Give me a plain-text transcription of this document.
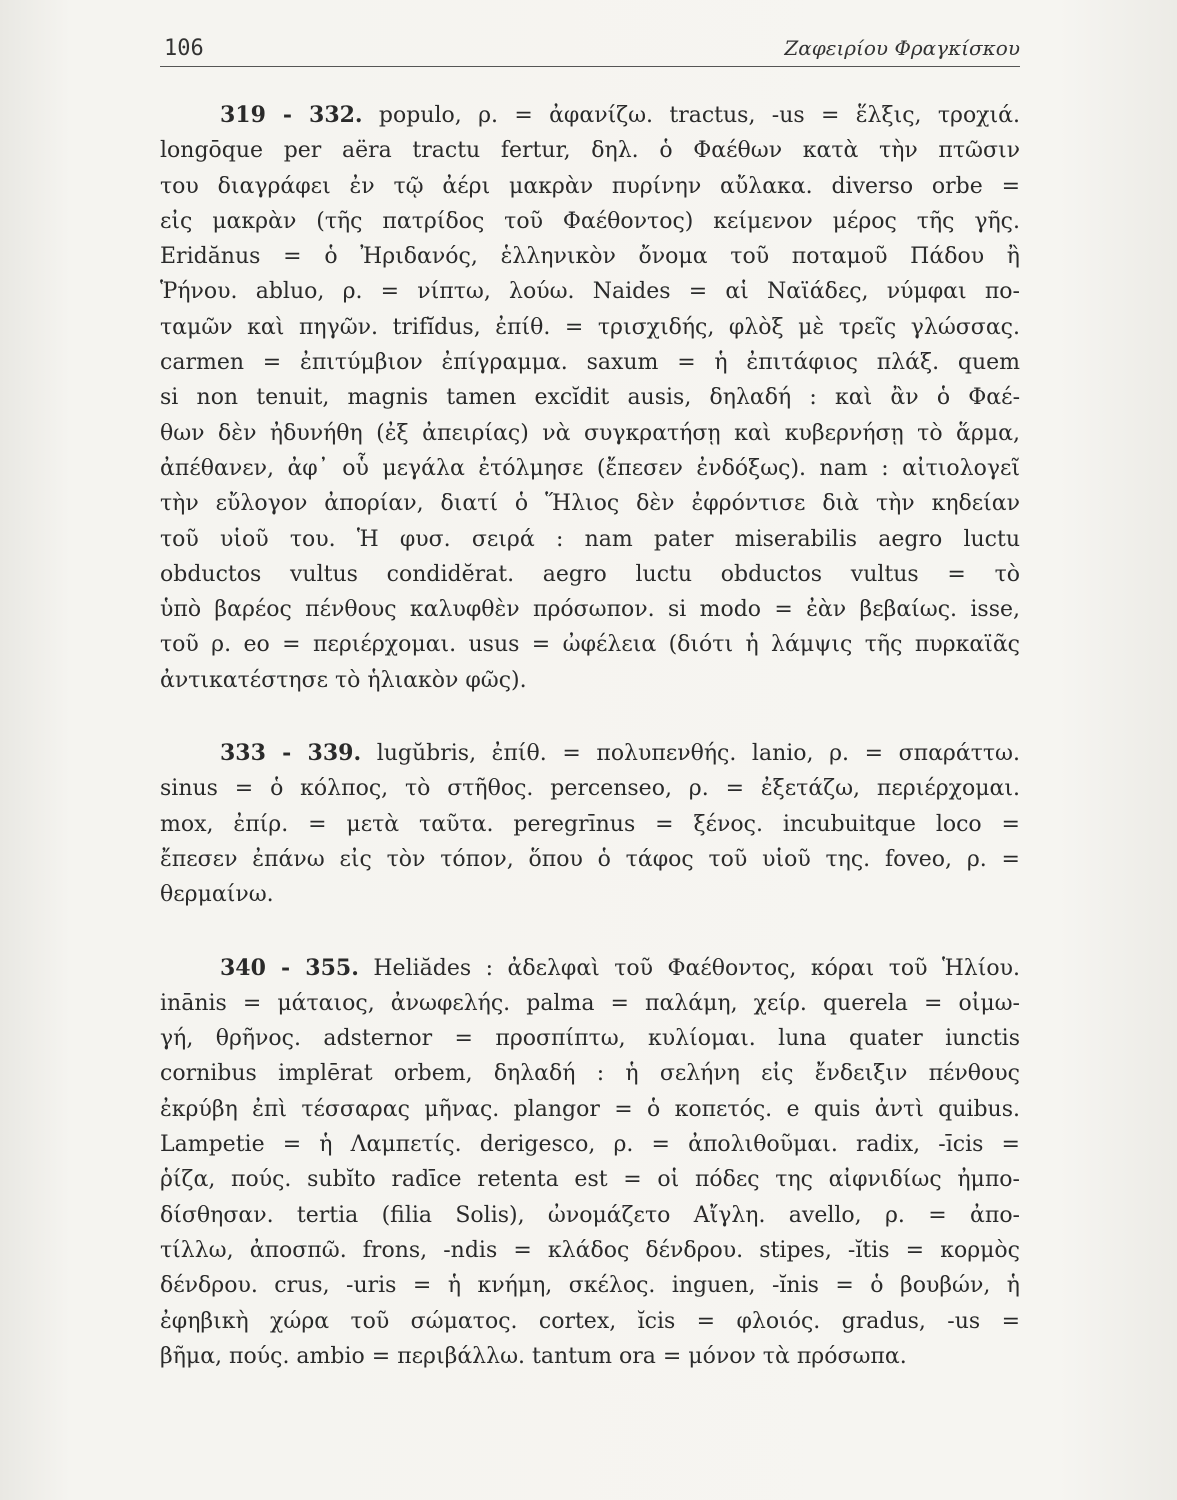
106	Ζαφειρίου Φραγκίσκου
319 - 332. populo, ρ. = ἀφανίζω. tractus, -us = ἕλξις, τροχιά.
longōque per aëra tractu fertur, δηλ. ὁ Φαέθων κατὰ τὴν πτῶσιν
του διαγράφει ἐν τῷ ἀέρι μακρὰν πυρίνην αὔλακα. diverso orbe =
εἰς μακρὰν (τῆς πατρίδος τοῦ Φαέθοντος) κείμενον μέρος τῆς γῆς.
Eridănus = ὁ Ἠριδανός, ἑλληνικὸν ὄνομα τοῦ ποταμοῦ Πάδου ἢ
Ῥήνου. abluo, ρ. = νίπτω, λούω. Naides = αἱ Ναϊάδες, νύμφαι πο-
ταμῶν καὶ πηγῶν. trifĭdus, ἐπίθ. = τρισχιδής, φλὸξ μὲ τρεῖς γλώσσας.
carmen = ἐπιτύμβιον ἐπίγραμμα. saxum = ἡ ἐπιτάφιος πλάξ. quem
si non tenuit, magnis tamen excĭdit ausis, δηλαδή : καὶ ἂν ὁ Φαέ-
θων δὲν ἠδυνήθη (ἐξ ἀπειρίας) νὰ συγκρατήσῃ καὶ κυβερνήσῃ τὸ ἅρμα,
ἀπέθανεν, ἀφ᾽ οὗ μεγάλα ἐτόλμησε (ἔπεσεν ἐνδόξως). nam : αἰτιολογεῖ
τὴν εὔλογον ἀπορίαν, διατί ὁ Ἥλιος δὲν ἐφρόντισε διὰ τὴν κηδείαν
τοῦ υἱοῦ του. Ἡ φυσ. σειρά : nam pater miserabilis aegro luctu
obductos vultus condidĕrat. aegro luctu obductos vultus = τὸ
ὑπὸ βαρέος πένθους καλυφθὲν πρόσωπον. si modo = ἐὰν βεβαίως. isse,
τοῦ ρ. eo = περιέρχομαι. usus = ὠφέλεια (διότι ἡ λάμψις τῆς πυρκαϊᾶς
ἀντικατέστησε τὸ ἡλιακὸν φῶς).
333 - 339. lugŭbris, ἐπίθ. = πολυπενθής. lanio, ρ. = σπαράττω.
sinus = ὁ κόλπος, τὸ στῆθος. percenseo, ρ. = ἐξετάζω, περιέρχομαι.
mox, ἐπίρ. = μετὰ ταῦτα. peregrīnus = ξένος. incubuitque loco =
ἔπεσεν ἐπάνω εἰς τὸν τόπον, ὅπου ὁ τάφος τοῦ υἱοῦ της. foveo, ρ. =
θερμαίνω.
340 - 355. Heliădes : ἀδελφαὶ τοῦ Φαέθοντος, κόραι τοῦ Ἡλίου.
inānis = μάταιος, ἀνωφελής. palma = παλάμη, χείρ. querela = οἰμω-
γή, θρῆνος. adsternor = προσπίπτω, κυλίομαι. luna quater iunctis
cornibus implērat orbem, δηλαδή : ἡ σελήνη εἰς ἔνδειξιν πένθους
ἐκρύβη ἐπὶ τέσσαρας μῆνας. plangor = ὁ κοπετός. e quis ἀντὶ quibus.
Lampetie = ἡ Λαμπετίς. derigesco, ρ. = ἀπολιθοῦμαι. radix, -īcis =
ῥίζα, πούς. subĭto radīce retenta est = οἱ πόδες της αἰφνιδίως ἠμπο-
δίσθησαν. tertia (filia Solis), ὠνομάζετο Αἴγλη. avello, ρ. = ἀπο-
τίλλω, ἀποσπῶ. frons, -ndis = κλάδος δένδρου. stipes, -ĭtis = κορμὸς
δένδρου. crus, -uris = ἡ κνήμη, σκέλος. inguen, -ĭnis = ὁ βουβών, ἡ
ἐφηβικὴ χώρα τοῦ σώματος. cortex, ĭcis = φλοιός. gradus, -us =
βῆμα, πούς. ambio = περιβάλλω. tantum ora = μόνον τὰ πρόσωπα.
